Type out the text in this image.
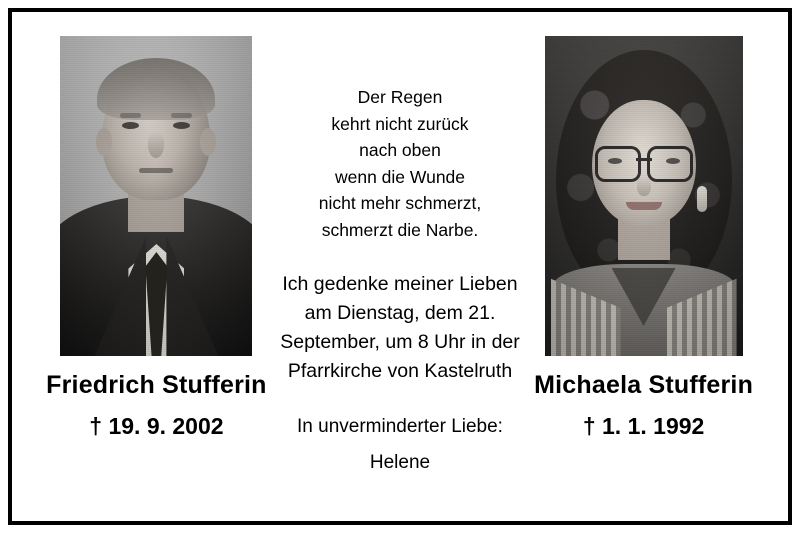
Friedrich Stufferin
† 19. 9. 2002
Der Regen
kehrt nicht zurück
nach oben
wenn die Wunde
nicht mehr schmerzt,
schmerzt die Narbe.
Ich gedenke meiner Lieben am Dienstag, dem 21. September, um 8 Uhr in der Pfarrkirche von Kastelruth
In unverminderter Liebe:
Helene
Michaela Stufferin
† 1. 1. 1992
